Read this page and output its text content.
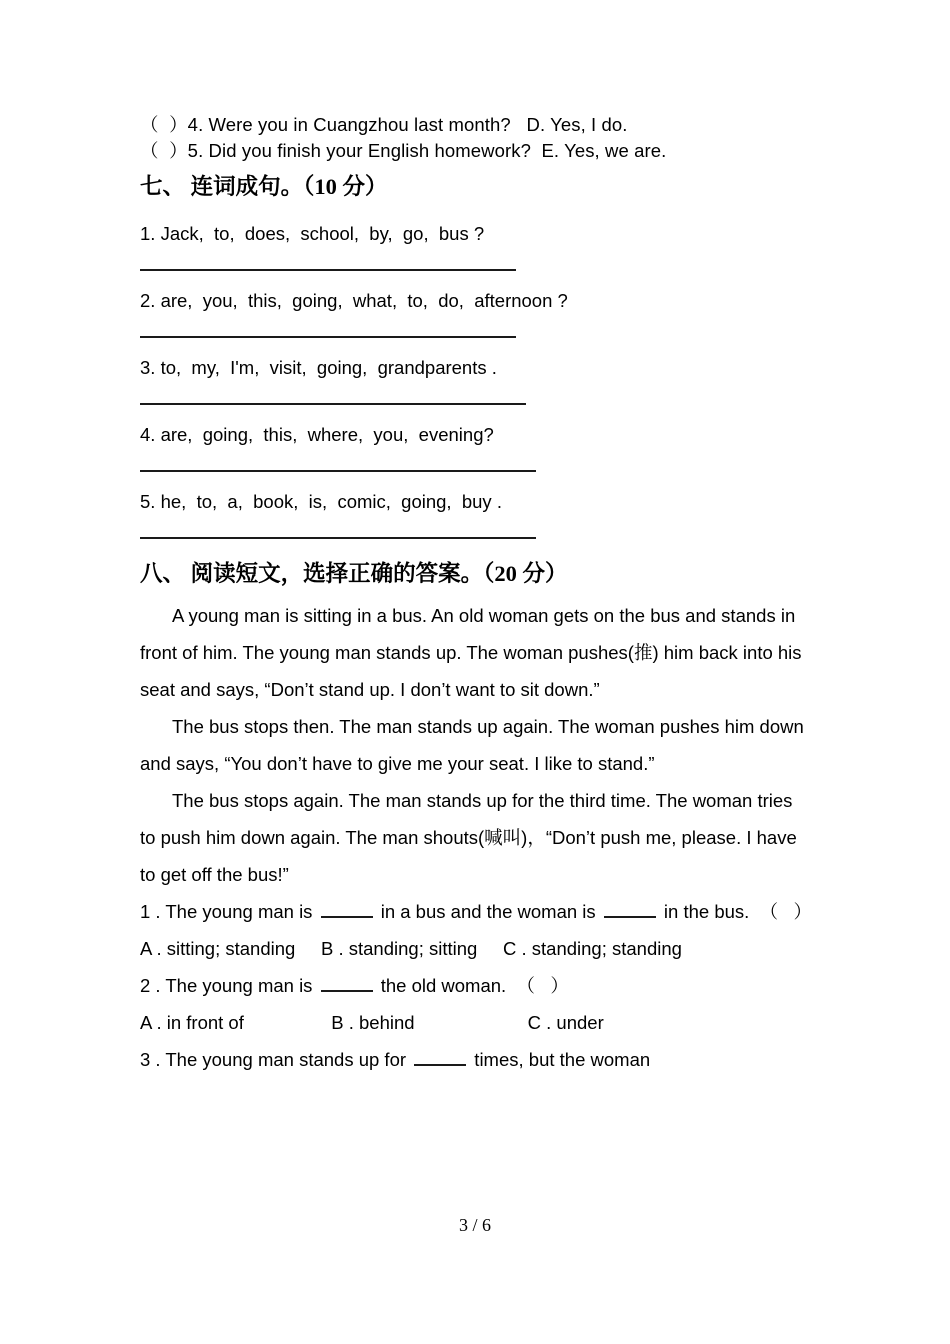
（  ）4. Were you in Cuangzhou last month?   D. Yes, I do.
（  ）5. Did you finish your English homework?  E. Yes, we are.
七、 连词成句。（10 分）
1. Jack,  to,  does,  school,  by,  go,  bus ?
2. are,  you,  this,  going,  what,  to,  do,  afternoon ?
3. to,  my,  I'm,  visit,  going,  grandparents .
4. are,  going,  this,  where,  you,  evening?
5. he,  to,  a,  book,  is,  comic,  going,  buy .
八、 阅读短文，选择正确的答案。（20 分）

A young man is sitting in a bus. An old woman gets on the bus and stands in front of him. The young man stands up. The woman pushes(推) him back into his seat and says, “Don’t stand up. I don’t want to sit down.”

The bus stops then. The man stands up again. The woman pushes him down and says, “You don’t have to give me your seat. I like to stand.”

The bus stops again. The man stands up for the third time. The woman tries to push him down again. The man shouts(喊叫)，“Don’t push me, please. I have to get off the bus!”

1 . The young man is	in a bus and the woman is	in the bus.  （   ）

A . sitting; standing     B . standing; sitting     C . standing; standing

2 . The young man is	the old woman.  （   ）

A . in front of                 B . behind                      C . under

3 . The young man stands up for	times, but the woman

3 / 6
